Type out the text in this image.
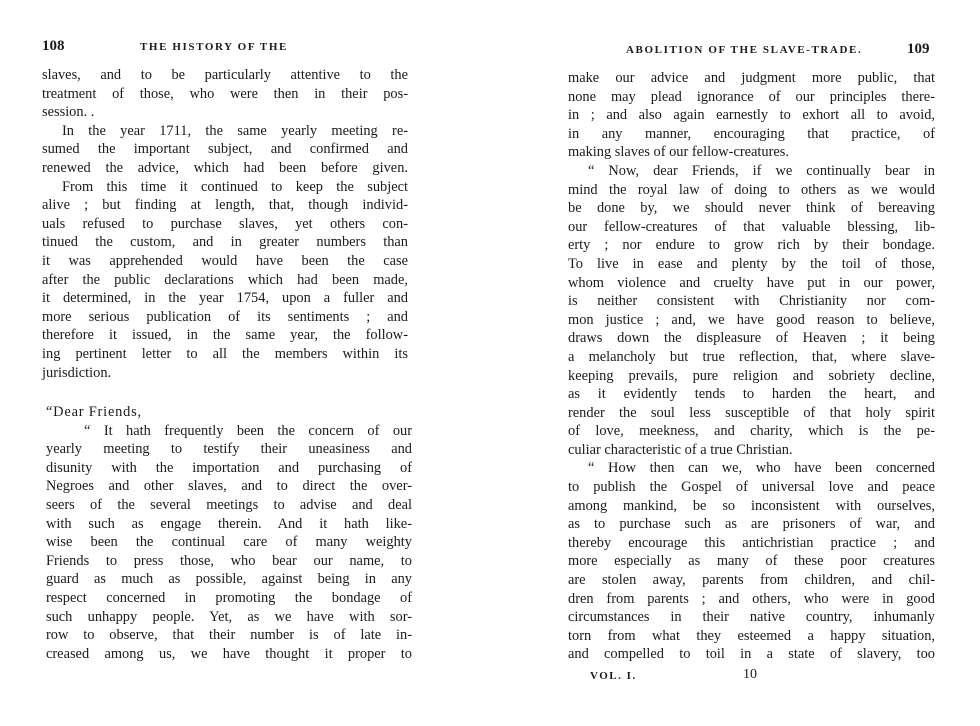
108	THE HISTORY OF THE
slaves, and to be particularly attentive to the
treatment of those, who were then in their pos-
session. .
In the year 1711, the same yearly meeting re-
sumed the important subject, and confirmed and
renewed the advice, which had been before given.
From this time it continued to keep the subject
alive ; but finding at length, that, though individ-
uals refused to purchase slaves, yet others con-
tinued the custom, and in greater numbers than
it was apprehended would have been the case
after the public declarations which had been made,
it determined, in the year 1754, upon a fuller and
more serious publication of its sentiments ; and
therefore it issued, in the same year, the follow-
ing pertinent letter to all the members within its
jurisdiction.
“Dear Friends,
“ It hath frequently been the concern of our
yearly meeting to testify their uneasiness and
disunity with the importation and purchasing of
Negroes and other slaves, and to direct the over-
seers of the several meetings to advise and deal
with such as engage therein. And it hath like-
wise been the continual care of many weighty
Friends to press those, who bear our name, to
guard as much as possible, against being in any
respect concerned in promoting the bondage of
such unhappy people. Yet, as we have with sor-
row to observe, that their number is of late in-
creased among us, we have thought it proper to
ABOLITION OF THE SLAVE-TRADE.	109
make our advice and judgment more public, that
none may plead ignorance of our principles there-
in ; and also again earnestly to exhort all to avoid,
in any manner, encouraging that practice, of
making slaves of our fellow-creatures.
“ Now, dear Friends, if we continually bear in
mind the royal law of doing to others as we would
be done by, we should never think of bereaving
our fellow-creatures of that valuable blessing, lib-
erty ; nor endure to grow rich by their bondage.
To live in ease and plenty by the toil of those,
whom violence and cruelty have put in our power,
is neither consistent with Christianity nor com-
mon justice ; and, we have good reason to believe,
draws down the displeasure of Heaven ; it being
a melancholy but true reflection, that, where slave-
keeping prevails, pure religion and sobriety decline,
as it evidently tends to harden the heart, and
render the soul less susceptible of that holy spirit
of love, meekness, and charity, which is the pe-
culiar characteristic of a true Christian.
“ How then can we, who have been concerned
to publish the Gospel of universal love and peace
among mankind, be so inconsistent with ourselves,
as to purchase such as are prisoners of war, and
thereby encourage this antichristian practice ; and
more especially as many of these poor creatures
are stolen away, parents from children, and chil-
dren from parents ; and others, who were in good
circumstances in their native country, inhumanly
torn from what they esteemed a happy situation,
and compelled to toil in a state of slavery, too
VOL. I.	10
